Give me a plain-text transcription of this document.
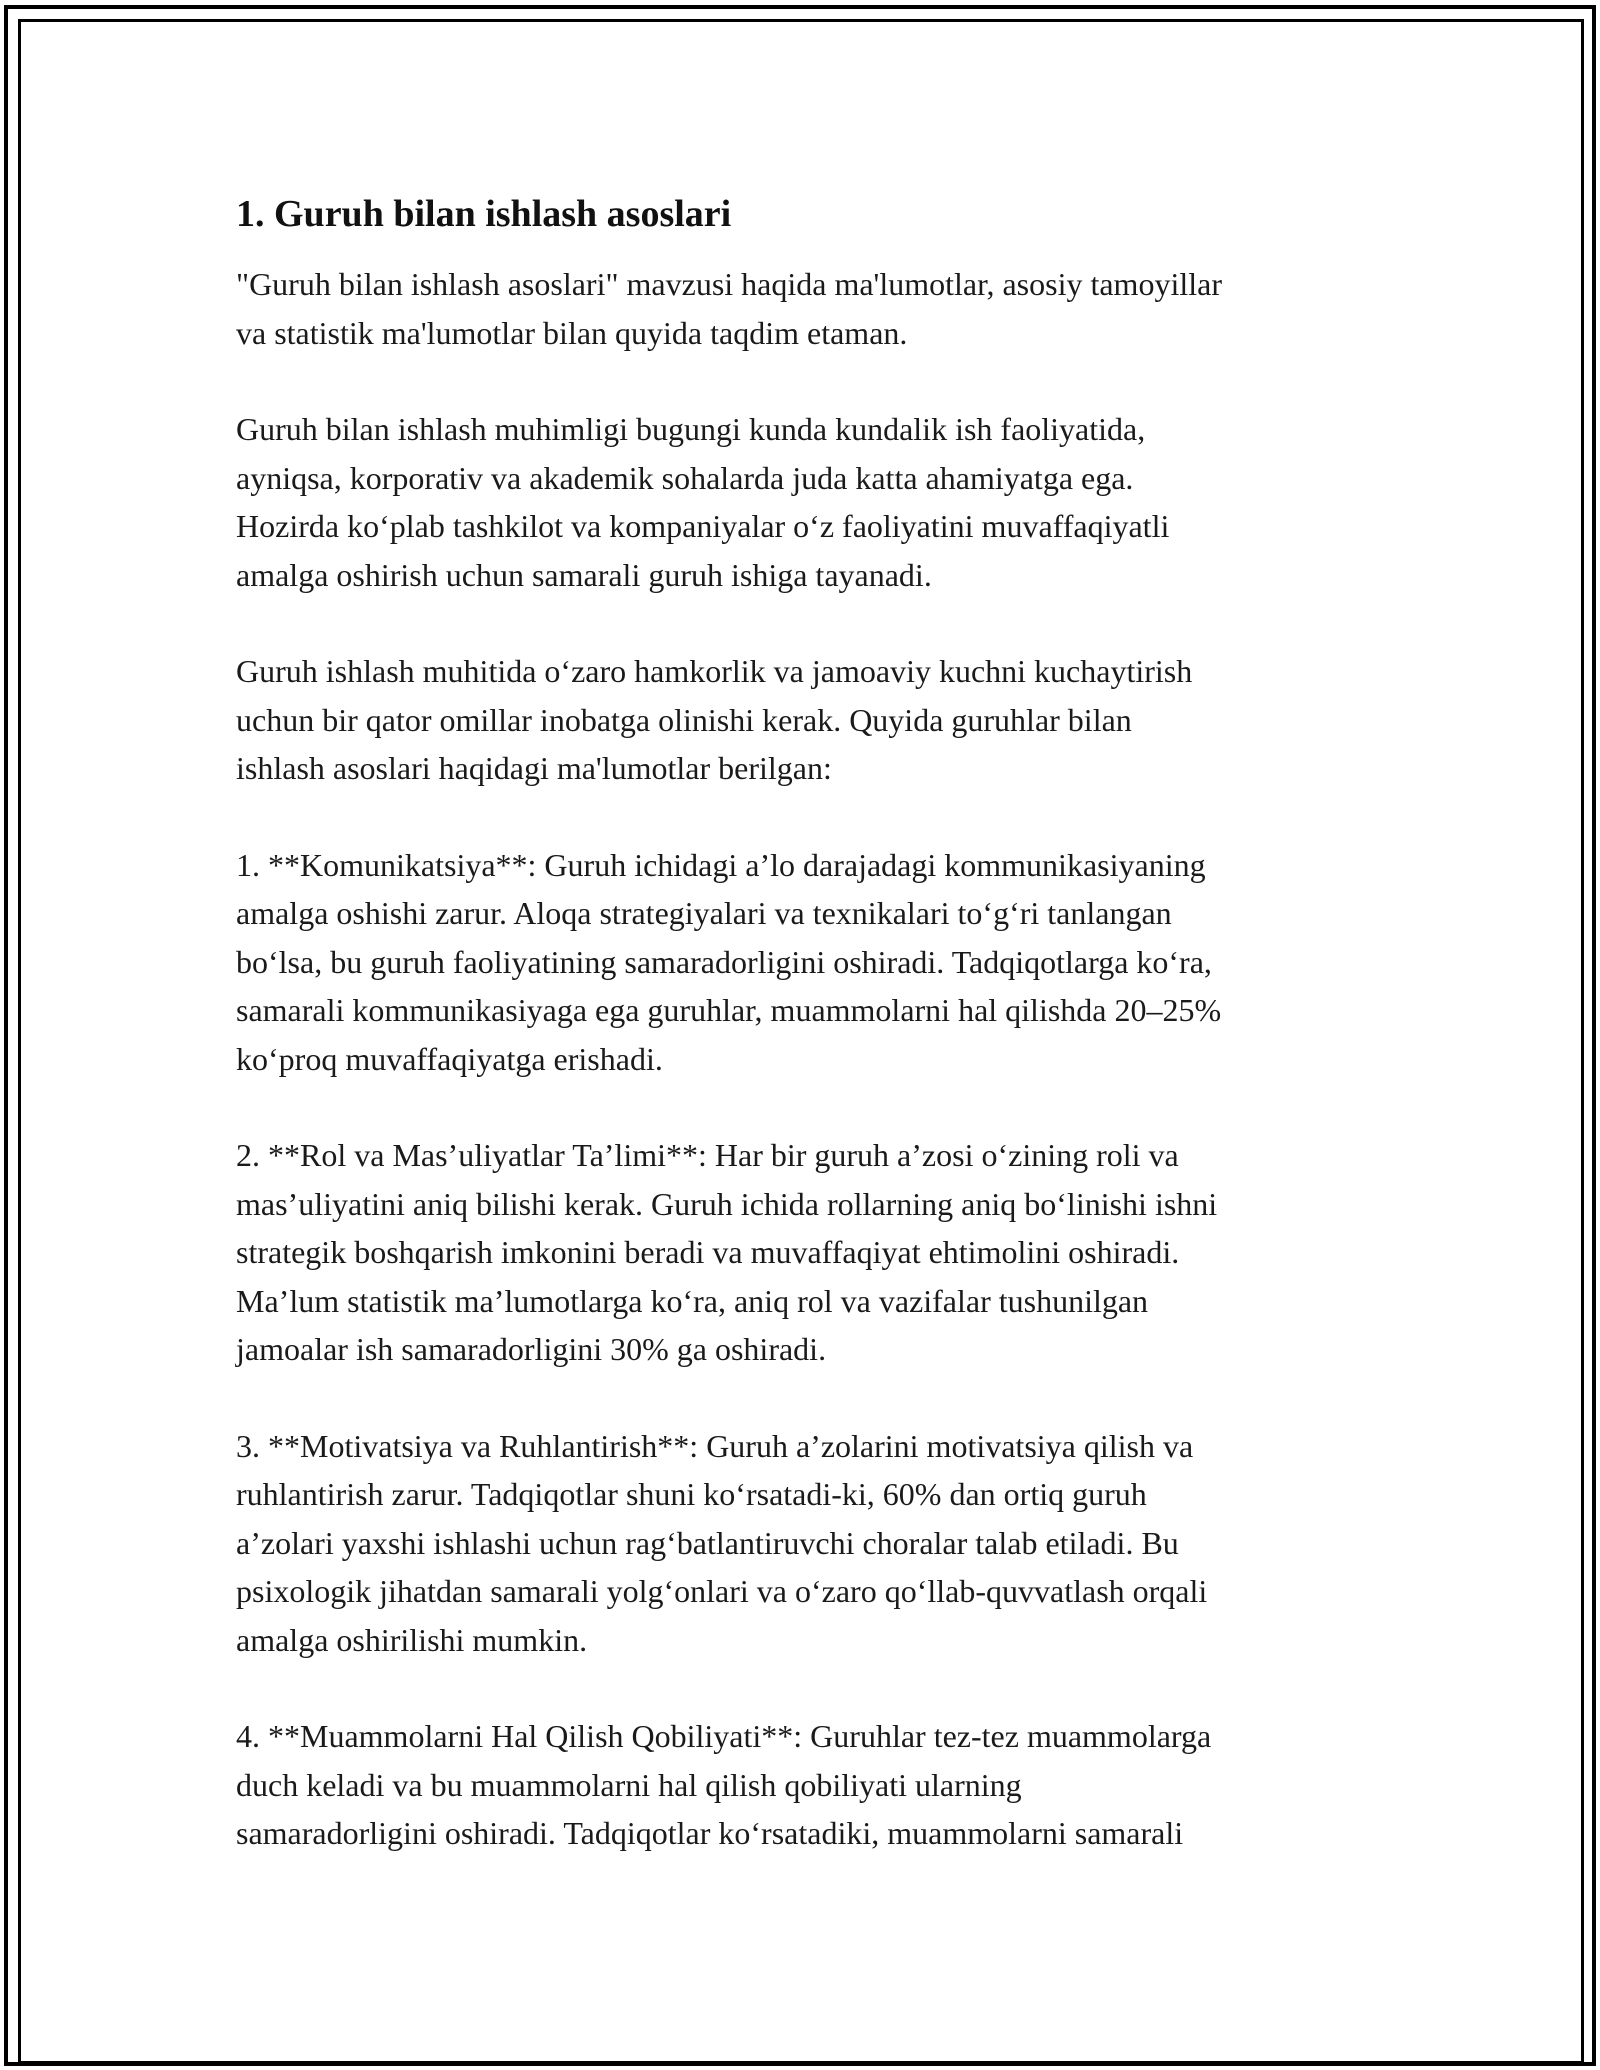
1. Guruh bilan ishlash asoslari

"Guruh bilan ishlash asoslari" mavzusi haqida ma'lumotlar, asosiy tamoyillar
va statistik ma'lumotlar bilan quyida taqdim etaman.

Guruh bilan ishlash muhimligi bugungi kunda kundalik ish faoliyatida,
ayniqsa, korporativ va akademik sohalarda juda katta ahamiyatga ega.
Hozirda koʻplab tashkilot va kompaniyalar oʻz faoliyatini muvaffaqiyatli
amalga oshirish uchun samarali guruh ishiga tayanadi.

Guruh ishlash muhitida oʻzaro hamkorlik va jamoaviy kuchni kuchaytirish
uchun bir qator omillar inobatga olinishi kerak. Quyida guruhlar bilan
ishlash asoslari haqidagi ma'lumotlar berilgan:

1. **Komunikatsiya**: Guruh ichidagi aʼlo darajadagi kommunikasiyaning
amalga oshishi zarur. Aloqa strategiyalari va texnikalari toʻgʻri tanlangan
boʻlsa, bu guruh faoliyatining samaradorligini oshiradi. Tadqiqotlarga koʻra,
samarali kommunikasiyaga ega guruhlar, muammolarni hal qilishda 20–25%
koʻproq muvaffaqiyatga erishadi.

2. **Rol va Masʼuliyatlar Taʼlimi**: Har bir guruh aʼzosi oʻzining roli va
masʼuliyatini aniq bilishi kerak. Guruh ichida rollarning aniq boʻlinishi ishni
strategik boshqarish imkonini beradi va muvaffaqiyat ehtimolini oshiradi.
Maʼlum statistik maʼlumotlarga koʻra, aniq rol va vazifalar tushunilgan
jamoalar ish samaradorligini 30% ga oshiradi.

3. **Motivatsiya va Ruhlantirish**: Guruh aʼzolarini motivatsiya qilish va
ruhlantirish zarur. Tadqiqotlar shuni koʻrsatadi-ki, 60% dan ortiq guruh
aʼzolari yaxshi ishlashi uchun ragʻbatlantiruvchi choralar talab etiladi. Bu
psixologik jihatdan samarali yolgʻonlari va oʻzaro qoʻllab-quvvatlash orqali
amalga oshirilishi mumkin.

4. **Muammolarni Hal Qilish Qobiliyati**: Guruhlar tez-tez muammolarga
duch keladi va bu muammolarni hal qilish qobiliyati ularning
samaradorligini oshiradi. Tadqiqotlar koʻrsatadiki, muammolarni samarali
